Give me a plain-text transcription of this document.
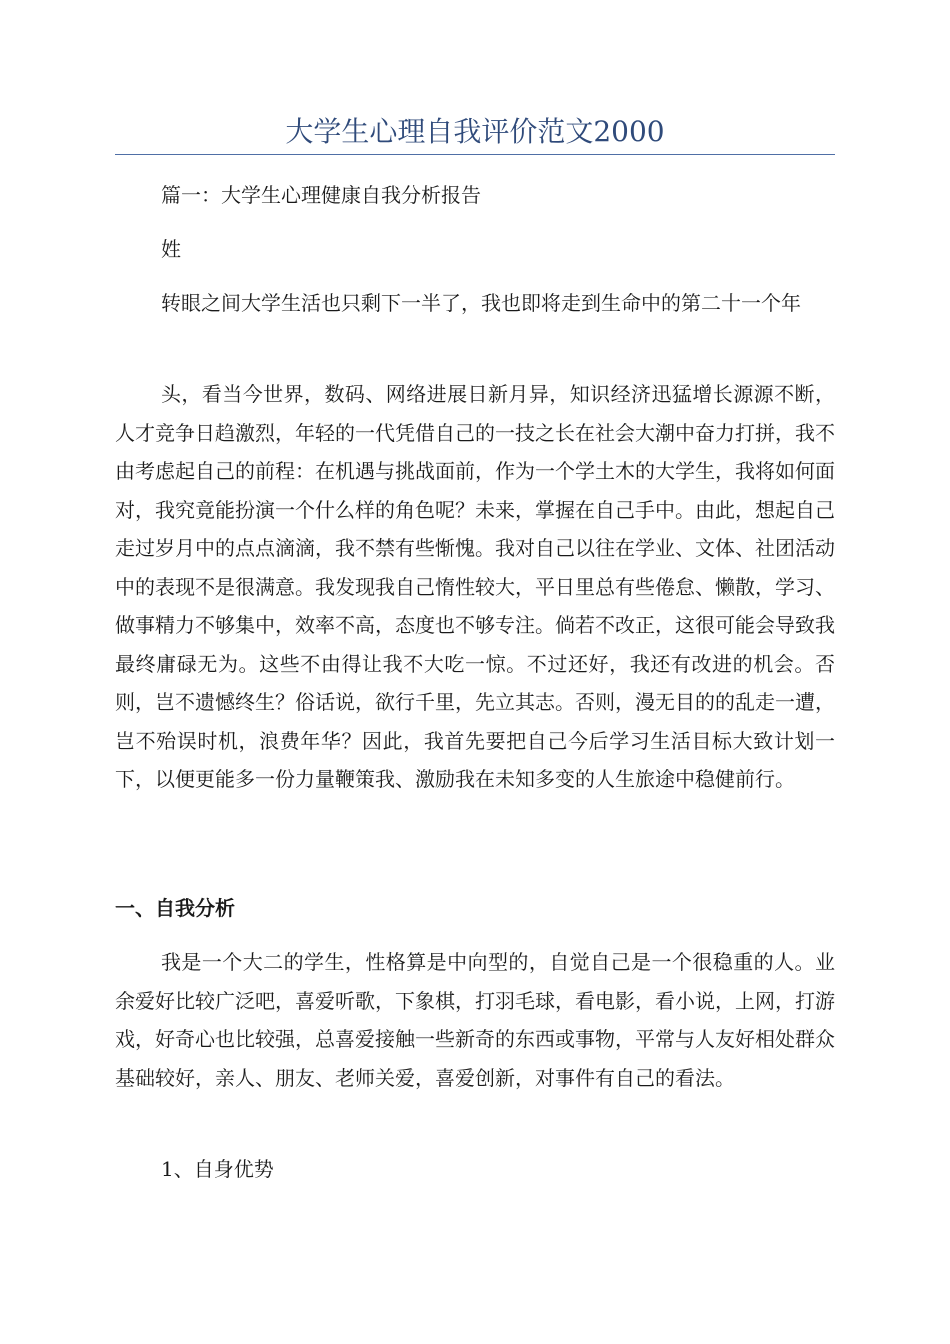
大学生心理自我评价范文2000

篇一：大学生心理健康自我分析报告

姓

转眼之间大学生活也只剩下一半了，我也即将走到生命中的第二十一个年

头，看当今世界，数码、网络进展日新月异，知识经济迅猛增长源源不断，人才竞争日趋激烈，年轻的一代凭借自己的一技之长在社会大潮中奋力打拼，我不由考虑起自己的前程：在机遇与挑战面前，作为一个学土木的大学生，我将如何面对，我究竟能扮演一个什么样的角色呢？未来，掌握在自己手中。由此，想起自己走过岁月中的点点滴滴，我不禁有些惭愧。我对自己以往在学业、文体、社团活动中的表现不是很满意。我发现我自己惰性较大，平日里总有些倦怠、懒散，学习、做事精力不够集中，效率不高，态度也不够专注。倘若不改正，这很可能会导致我最终庸碌无为。这些不由得让我不大吃一惊。不过还好，我还有改进的机会。否则，岂不遗憾终生？俗话说，欲行千里，先立其志。否则，漫无目的的乱走一遭，岂不殆误时机，浪费年华？因此，我首先要把自己今后学习生活目标大致计划一下，以便更能多一份力量鞭策我、激励我在未知多变的人生旅途中稳健前行。

一、自我分析

我是一个大二的学生，性格算是中向型的，自觉自己是一个很稳重的人。业余爱好比较广泛吧，喜爱听歌，下象棋，打羽毛球，看电影，看小说，上网，打游戏，好奇心也比较强，总喜爱接触一些新奇的东西或事物，平常与人友好相处群众基础较好，亲人、朋友、老师关爱，喜爱创新，对事件有自己的看法。

1、自身优势
